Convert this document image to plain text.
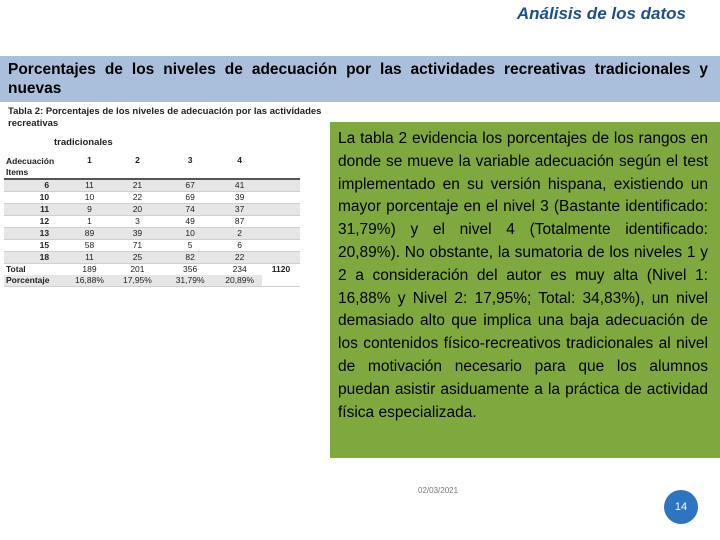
Análisis de los datos
Porcentajes de los niveles de adecuación por las actividades recreativas tradicionales y nuevas
Tabla 2: Porcentajes de los niveles de adecuación por las actividades recreativas
tradicionales
Adecuación Items	1	2	3	4	
6	11	21	67	41	
10	10	22	69	39	
11	9	20	74	37	
12	1	3	49	87	
13	89	39	10	2	
15	58	71	5	6	
18	11	25	82	22	
Total	189	201	356	234	1120
Porcentaje	16,88%	17,95%	31,79%	20,89%	
La tabla 2 evidencia los porcentajes de los rangos en donde se mueve la variable adecuación según el test implementado en su versión hispana, existiendo un mayor porcentaje en el nivel 3 (Bastante identificado: 31,79%) y el nivel 4 (Totalmente identificado: 20,89%). No obstante, la sumatoria de los niveles 1 y 2 a consideración del autor es muy alta (Nivel 1: 16,88% y Nivel 2: 17,95%; Total: 34,83%), un nivel demasiado alto que implica una baja adecuación de los contenidos físico-recreativos tradicionales al nivel de motivación necesario para que los alumnos puedan asistir asiduamente a la práctica de actividad física especializada.
02/03/2021
14
